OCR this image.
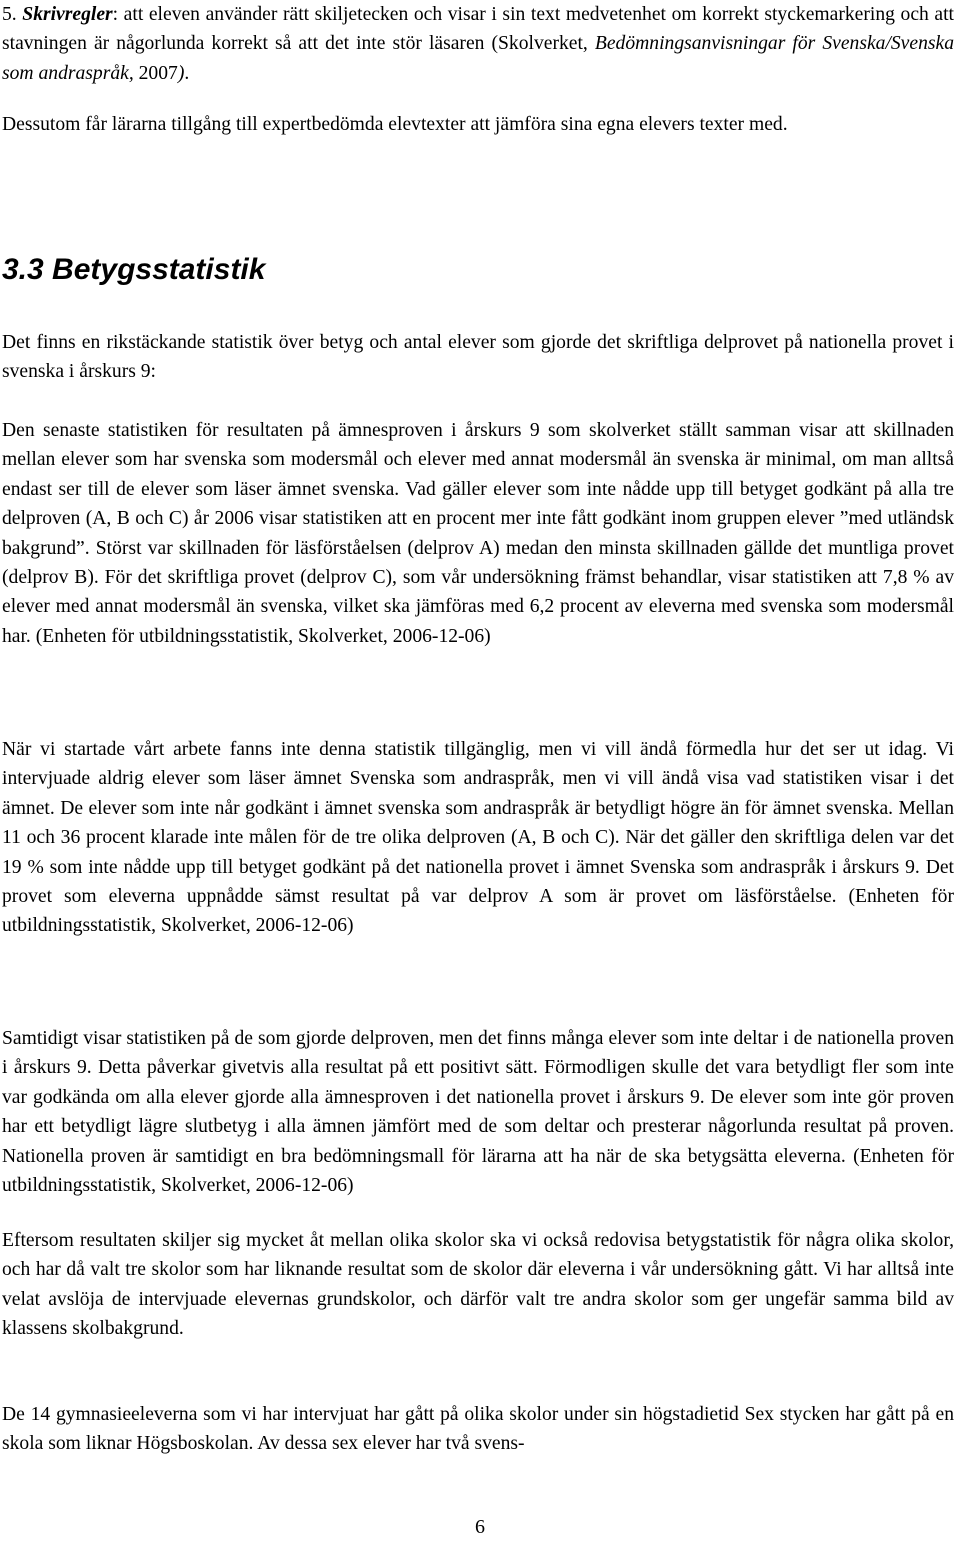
5. Skrivregler: att eleven använder rätt skiljetecken och visar i sin text medvetenhet om korrekt styckemarkering och att stavningen är någorlunda korrekt så att det inte stör läsaren (Skolverket, Bedömningsanvisningar för Svenska/Svenska som andraspråk, 2007).

Dessutom får lärarna tillgång till expertbedömda elevtexter att jämföra sina egna elevers texter med.

3.3 Betygsstatistik

Det finns en rikstäckande statistik över betyg och antal elever som gjorde det skriftliga delprovet på nationella provet i svenska i årskurs 9:

Den senaste statistiken för resultaten på ämnesproven i årskurs 9 som skolverket ställt samman visar att skillnaden mellan elever som har svenska som modersmål och elever med annat modersmål än svenska är minimal, om man alltså endast ser till de elever som läser ämnet svenska. Vad gäller elever som inte nådde upp till betyget godkänt på alla tre delproven (A, B och C) år 2006 visar statistiken att en procent mer inte fått godkänt inom gruppen elever ”med utländsk bakgrund”. Störst var skillnaden för läsförståelsen (delprov A) medan den minsta skillnaden gällde det muntliga provet (delprov B). För det skriftliga provet (delprov C), som vår undersökning främst behandlar, visar statistiken att 7,8 % av elever med annat modersmål än svenska, vilket ska jämföras med 6,2 procent av eleverna med svenska som modersmål har. (Enheten för utbildningsstatistik, Skolverket, 2006-12-06)

När vi startade vårt arbete fanns inte denna statistik tillgänglig, men vi vill ändå förmedla hur det ser ut idag. Vi intervjuade aldrig elever som läser ämnet Svenska som andraspråk, men vi vill ändå visa vad statistiken visar i det ämnet. De elever som inte når godkänt i ämnet svenska som andraspråk är betydligt högre än för ämnet svenska. Mellan 11 och 36 procent klarade inte målen för de tre olika delproven (A, B och C). När det gäller den skriftliga delen var det 19 % som inte nådde upp till betyget godkänt på det nationella provet i ämnet Svenska som andraspråk i årskurs 9. Det provet som eleverna uppnådde sämst resultat på var delprov A som är provet om läsförståelse. (Enheten för utbildningsstatistik, Skolverket, 2006-12-06)

Samtidigt visar statistiken på de som gjorde delproven, men det finns många elever som inte deltar i de nationella proven i årskurs 9. Detta påverkar givetvis alla resultat på ett positivt sätt. Förmodligen skulle det vara betydligt fler som inte var godkända om alla elever gjorde alla ämnesproven i det nationella provet i årskurs 9. De elever som inte gör proven har ett betydligt lägre slutbetyg i alla ämnen jämfört med de som deltar och presterar någorlunda resultat på proven. Nationella proven är samtidigt en bra bedömningsmall för lärarna att ha när de ska betygsätta eleverna. (Enheten för utbildningsstatistik, Skolverket, 2006-12-06)

Eftersom resultaten skiljer sig mycket åt mellan olika skolor ska vi också redovisa betygstatistik för några olika skolor, och har då valt tre skolor som har liknande resultat som de skolor där eleverna i vår undersökning gått. Vi har alltså inte velat avslöja de intervjuade elevernas grundskolor, och därför valt tre andra skolor som ger ungefär samma bild av klassens skolbakgrund.

De 14 gymnasieeleverna som vi har intervjuat har gått på olika skolor under sin högstadietid Sex stycken har gått på en skola som liknar Högsboskolan. Av dessa sex elever har två svens-

6
